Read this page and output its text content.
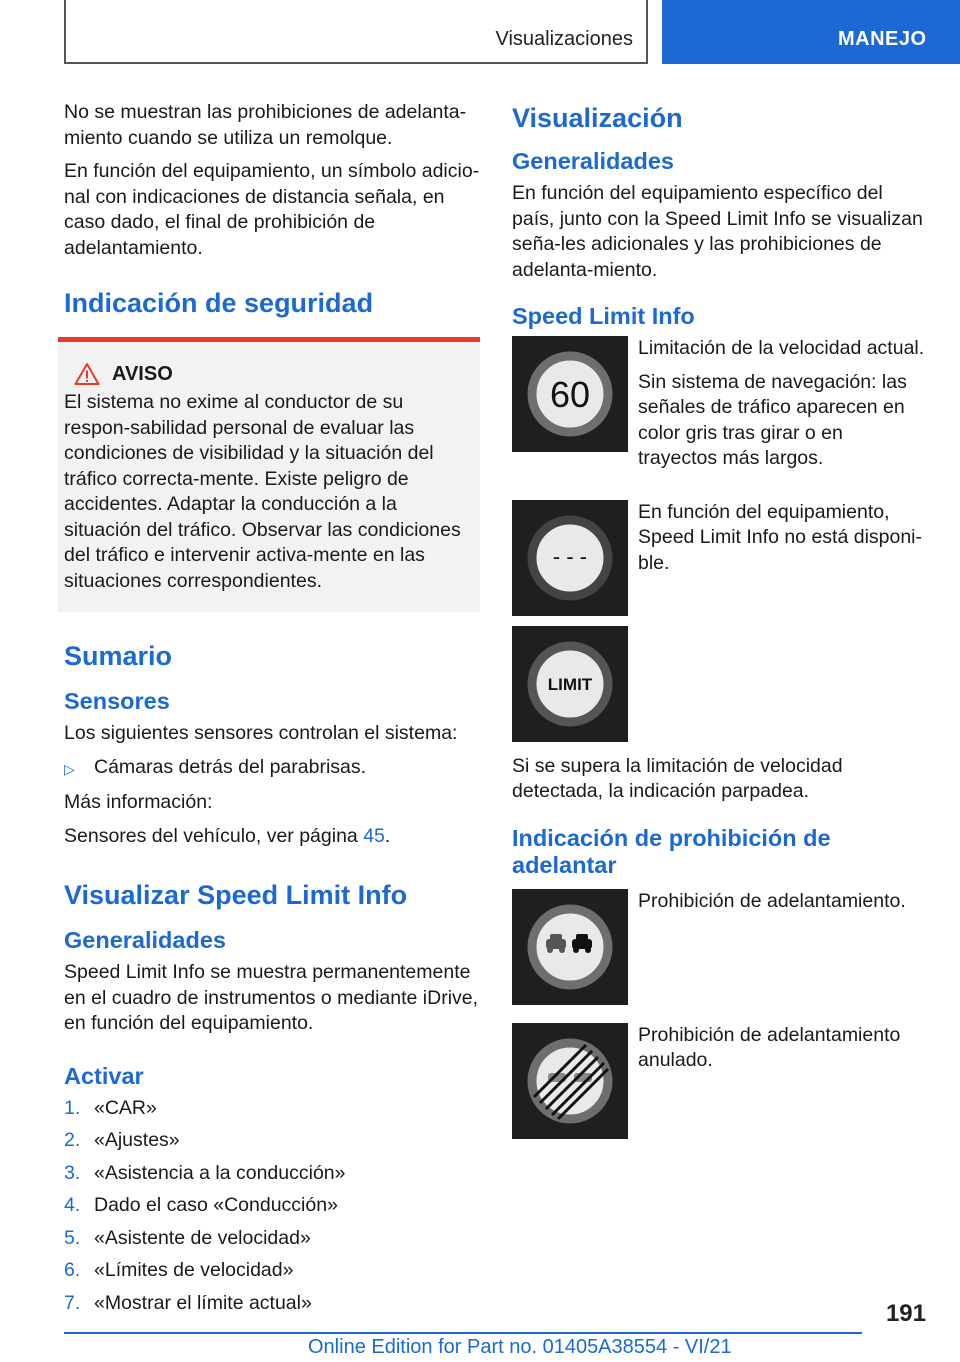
Visualizaciones	MANEJO

No se muestran las prohibiciones de adelanta‐miento cuando se utiliza un remolque.

En función del equipamiento, un símbolo adicio‐nal con indicaciones de distancia señala, en caso dado, el final de prohibición de adelantamiento.

Indicación de seguridad
AVISO

El sistema no exime al conductor de su respon‐sabilidad personal de evaluar las condiciones de visibilidad y la situación del tráfico correcta‐mente. Existe peligro de accidentes. Adaptar la conducción a la situación del tráfico. Observar las condiciones del tráfico e intervenir activa‐mente en las situaciones correspondientes.

Sumario
Sensores

Los siguientes sensores controlan el sistema:

▷ Cámaras detrás del parabrisas.

Más información:

Sensores del vehículo, ver página 45.

Visualizar Speed Limit Info
Generalidades

Speed Limit Info se muestra permanentemente en el cuadro de instrumentos o mediante iDrive, en función del equipamiento.

Activar
1. «CAR»
2. «Ajustes»
3. «Asistencia a la conducción»
4. Dado el caso «Conducción»
5. «Asistente de velocidad»
6. «Límites de velocidad»
7. «Mostrar el límite actual»
Visualización
Generalidades

En función del equipamiento específico del país, junto con la Speed Limit Info se visualizan seña‐les adicionales y las prohibiciones de adelanta‐miento.

Speed Limit Info
60

Limitación de la velocidad actual.

Sin sistema de navegación: las señales de tráfico aparecen en color gris tras girar o en trayectos más largos.

- - -

En función del equipamiento, Speed Limit Info no está disponi‐ble.

LIMIT

Si se supera la limitación de velocidad detectada, la indicación parpadea.

Indicación de prohibición de adelantar

Prohibición de adelantamiento.

Prohibición de adelantamiento anulado.

191
Online Edition for Part no. 01405A38554 - VI/21
